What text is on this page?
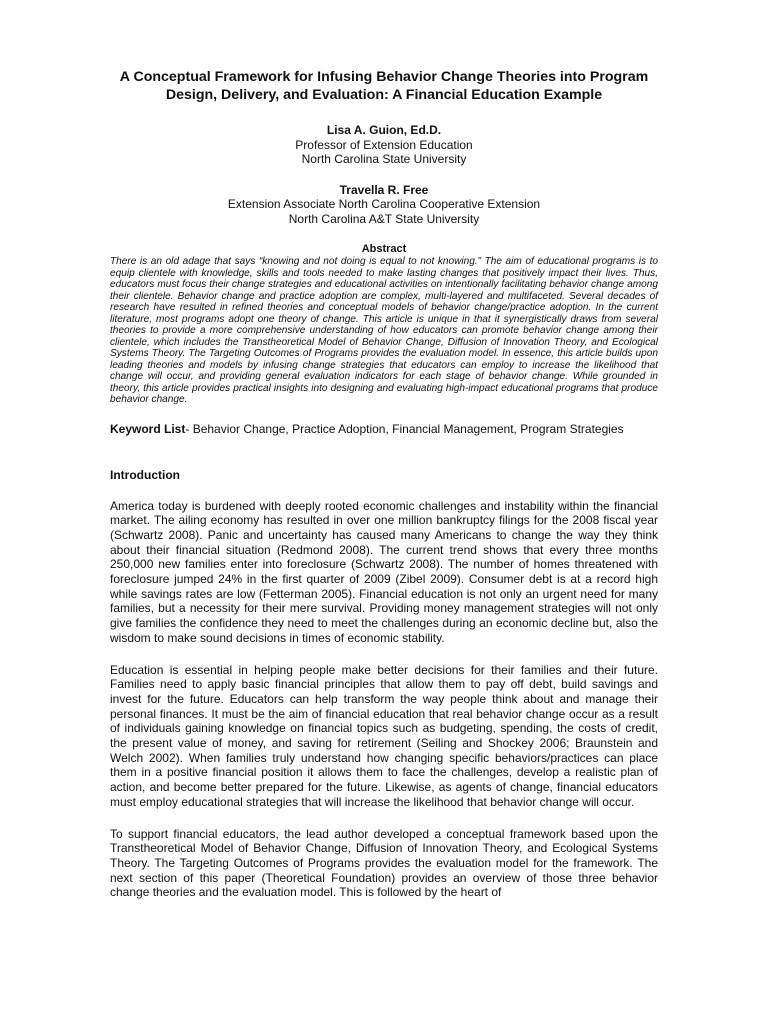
A Conceptual Framework for Infusing Behavior Change Theories into Program Design, Delivery, and Evaluation: A Financial Education Example
Lisa A. Guion, Ed.D.
Professor of Extension Education
North Carolina State University
Travella R. Free
Extension Associate North Carolina Cooperative Extension
North Carolina A&T State University
Abstract
There is an old adage that says “knowing and not doing is equal to not knowing.” The aim of educational programs is to equip clientele with knowledge, skills and tools needed to make lasting changes that positively impact their lives. Thus, educators must focus their change strategies and educational activities on intentionally facilitating behavior change among their clientele. Behavior change and practice adoption are complex, multi-layered and multifaceted. Several decades of research have resulted in refined theories and conceptual models of behavior change/practice adoption. In the current literature, most programs adopt one theory of change. This article is unique in that it synergistically draws from several theories to provide a more comprehensive understanding of how educators can promote behavior change among their clientele, which includes the Transtheoretical Model of Behavior Change, Diffusion of Innovation Theory, and Ecological Systems Theory. The Targeting Outcomes of Programs provides the evaluation model. In essence, this article builds upon leading theories and models by infusing change strategies that educators can employ to increase the likelihood that change will occur, and providing general evaluation indicators for each stage of behavior change. While grounded in theory, this article provides practical insights into designing and evaluating high-impact educational programs that produce behavior change.
Keyword List- Behavior Change, Practice Adoption, Financial Management, Program Strategies
Introduction

America today is burdened with deeply rooted economic challenges and instability within the financial market. The ailing economy has resulted in over one million bankruptcy filings for the 2008 fiscal year (Schwartz 2008). Panic and uncertainty has caused many Americans to change the way they think about their financial situation (Redmond 2008). The current trend shows that every three months 250,000 new families enter into foreclosure (Schwartz 2008). The number of homes threatened with foreclosure jumped 24% in the first quarter of 2009 (Zibel 2009). Consumer debt is at a record high while savings rates are low (Fetterman 2005). Financial education is not only an urgent need for many families, but a necessity for their mere survival. Providing money management strategies will not only give families the confidence they need to meet the challenges during an economic decline but, also the wisdom to make sound decisions in times of economic stability.

Education is essential in helping people make better decisions for their families and their future. Families need to apply basic financial principles that allow them to pay off debt, build savings and invest for the future. Educators can help transform the way people think about and manage their personal finances. It must be the aim of financial education that real behavior change occur as a result of individuals gaining knowledge on financial topics such as budgeting, spending, the costs of credit, the present value of money, and saving for retirement (Seiling and Shockey 2006; Braunstein and Welch 2002). When families truly understand how changing specific behaviors/practices can place them in a positive financial position it allows them to face the challenges, develop a realistic plan of action, and become better prepared for the future. Likewise, as agents of change, financial educators must employ educational strategies that will increase the likelihood that behavior change will occur.

To support financial educators, the lead author developed a conceptual framework based upon the Transtheoretical Model of Behavior Change, Diffusion of Innovation Theory, and Ecological Systems Theory. The Targeting Outcomes of Programs provides the evaluation model for the framework. The next section of this paper (Theoretical Foundation) provides an overview of those three behavior change theories and the evaluation model. This is followed by the heart of
